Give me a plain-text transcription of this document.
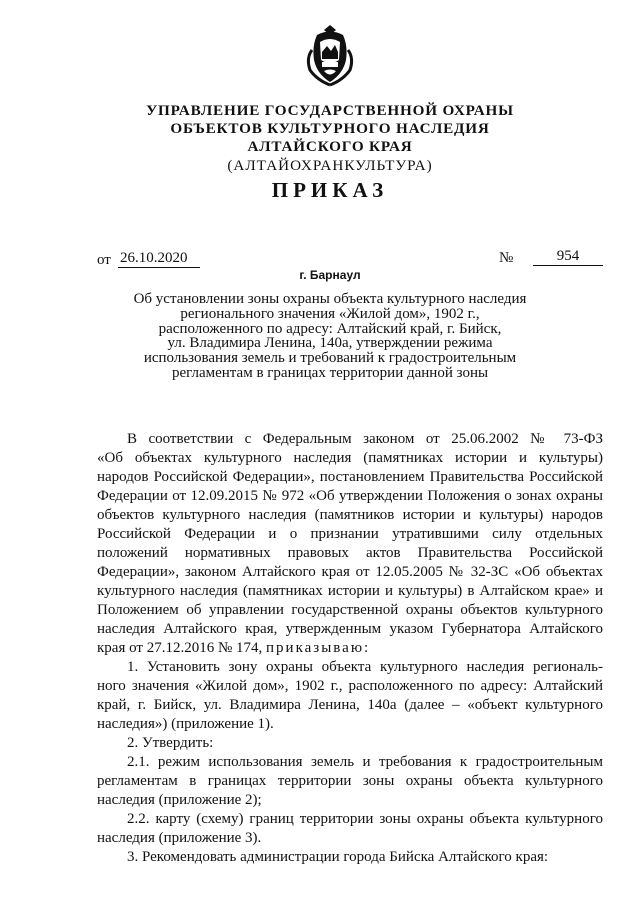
УПРАВЛЕНИЕ ГОСУДАРСТВЕННОЙ ОХРАНЫ
ОБЪЕКТОВ КУЛЬТУРНОГО НАСЛЕДИЯ
АЛТАЙСКОГО КРАЯ
(АЛТАЙОХРАНКУЛЬТУРА)
ПРИКАЗ
от 26.10.2020	№	954
г. Барнаул
Об установлении зоны охраны объекта культурного наследия
регионального значения «Жилой дом», 1902 г.,
расположенного по адресу: Алтайский край, г. Бийск,
ул. Владимира Ленина, 140а, утверждении режима
использования земель и требований к градостроительным
регламентам в границах территории данной зоны
В соответствии с Федеральным законом от 25.06.2002 № 73-ФЗ
«Об объектах культурного наследия (памятниках истории и культуры)
народов Российской Федерации», постановлением Правительства Российской
Федерации от 12.09.2015 № 972 «Об утверждении Положения о зонах охраны
объектов культурного наследия (памятников истории и культуры) народов
Российской Федерации и о признании утратившими силу отдельных
положений нормативных правовых актов Правительства Российской
Федерации», законом Алтайского края от 12.05.2005 № 32-ЗС «Об объектах
культурного наследия (памятниках истории и культуры) в Алтайском крае» и
Положением об управлении государственной охраны объектов культурного
наследия Алтайского края, утвержденным указом Губернатора Алтайского
края от 27.12.2016 № 174, приказываю:
1. Установить зону охраны объекта культурного наследия региональ-
ного значения «Жилой дом», 1902 г., расположенного по адресу: Алтайский
край, г. Бийск, ул. Владимира Ленина, 140а (далее – «объект культурного
наследия») (приложение 1).
2. Утвердить:
2.1. режим использования земель и требования к градостроительным
регламентам в границах территории зоны охраны объекта культурного
наследия (приложение 2);
2.2. карту (схему) границ территории зоны охраны объекта культурного
наследия (приложение 3).
3. Рекомендовать администрации города Бийска Алтайского края:
